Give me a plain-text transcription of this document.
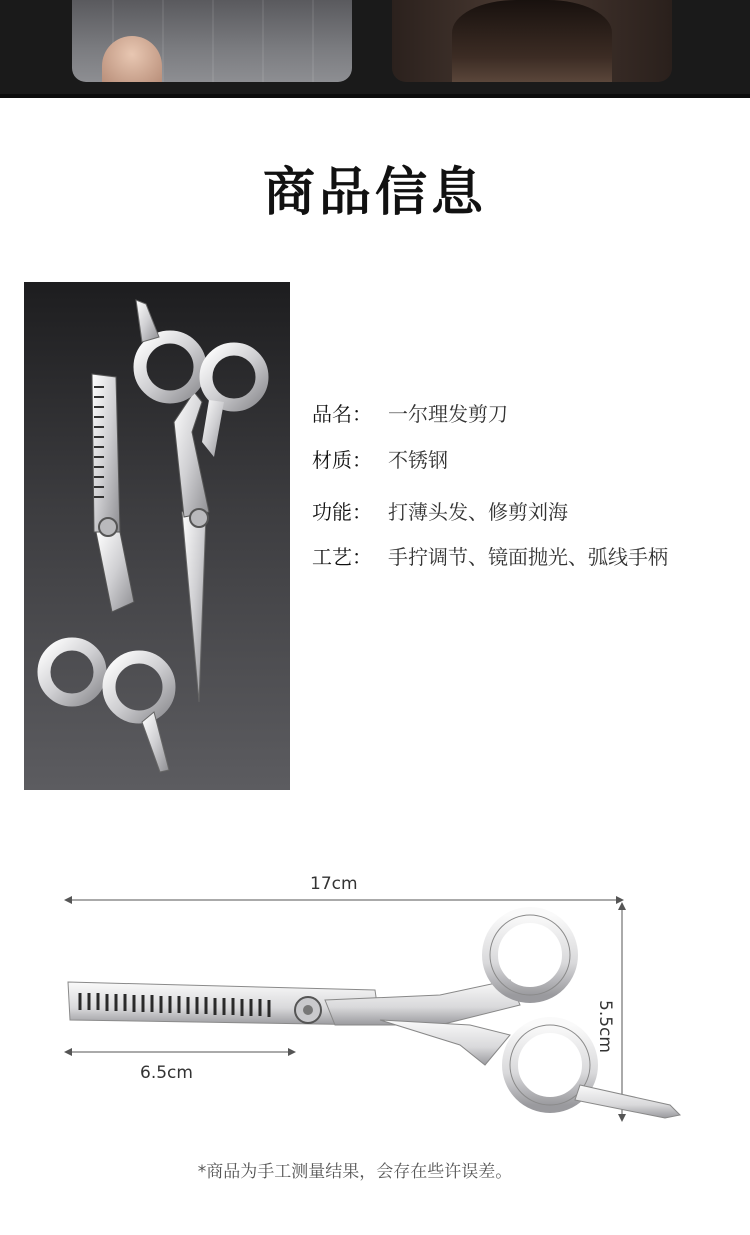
商品信息
品名： 一尔理发剪刀
材质： 不锈钢
功能： 打薄头发、修剪刘海
工艺： 手拧调节、镜面抛光、弧线手柄
17cm
6.5cm
5.5cm
*商品为手工测量结果，会存在些许误差。
